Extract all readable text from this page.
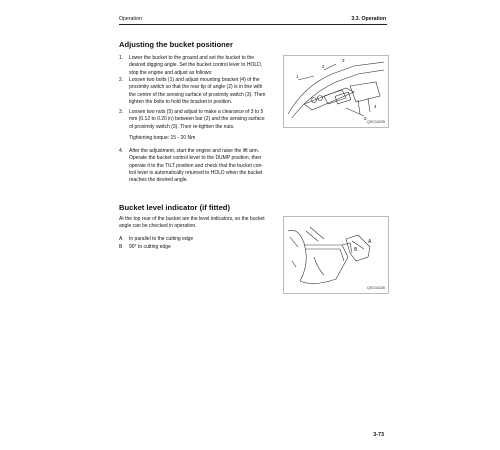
Operation	3.3. Operation
Adjusting the bucket positioner
1. Lower the bucket to the ground and set the bucket to the
desired digging angle. Set the bucket control lever to HOLD,
stop the engine and adjust as follows:
2. Loosen two bolts (1) and adjust mounting bracket (4) of the
proximity switch so that the rear tip of angle (2) is in line with
the centre of the sensing surface of proximity switch (3). Then
tighten the bolts to hold the bracket in position.
3. Loosen two nuts (5) and adjust to make a clearance of 3 to 5
mm (0.12 to 0.20 in) between bar (2) and the sensing surface
of proximity switch (3). Then re-tighten the nuts.
Tightening torque: 15 - 20 Nm
4. After the adjustment, start the engine and raise the lift arm.
Operate the bucket control lever to the DUMP position, then
operate it to the TILT position and check that the bucket con-
trol lever is automatically returned to HOLD when the bucket
reaches the desired angle.
1
2
3
4
5
QSO10235
Bucket level indicator (if fitted)
At the top rear of the bucket are the level indicators, so the bucket
angle can be checked in operation.
A In parallel to the cutting edge
B 90° to cutting edge
A
B
QSO10236
3-73
